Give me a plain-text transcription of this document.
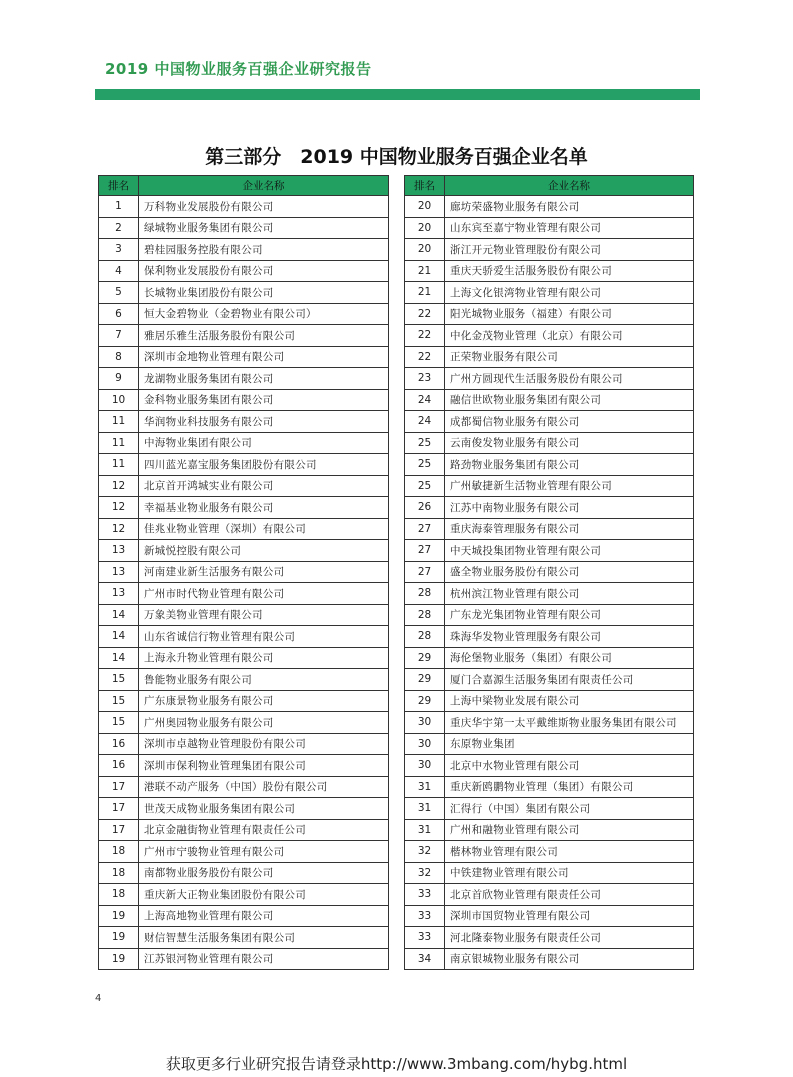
2019 中国物业服务百强企业研究报告
第三部分　2019 中国物业服务百强企业名单
排名	企业名称
1	万科物业发展股份有限公司
2	绿城物业服务集团有限公司
3	碧桂园服务控股有限公司
4	保利物业发展股份有限公司
5	长城物业集团股份有限公司
6	恒大金碧物业（金碧物业有限公司）
7	雅居乐雅生活服务股份有限公司
8	深圳市金地物业管理有限公司
9	龙湖物业服务集团有限公司
10	金科物业服务集团有限公司
11	华润物业科技服务有限公司
11	中海物业集团有限公司
11	四川蓝光嘉宝服务集团股份有限公司
12	北京首开鸿城实业有限公司
12	幸福基业物业服务有限公司
12	佳兆业物业管理（深圳）有限公司
13	新城悦控股有限公司
13	河南建业新生活服务有限公司
13	广州市时代物业管理有限公司
14	万象美物业管理有限公司
14	山东省诚信行物业管理有限公司
14	上海永升物业管理有限公司
15	鲁能物业服务有限公司
15	广东康景物业服务有限公司
15	广州奥园物业服务有限公司
16	深圳市卓越物业管理股份有限公司
16	深圳市保利物业管理集团有限公司
17	港联不动产服务（中国）股份有限公司
17	世茂天成物业服务集团有限公司
17	北京金融街物业管理有限责任公司
18	广州市宁骏物业管理有限公司
18	南都物业服务股份有限公司
18	重庆新大正物业集团股份有限公司
19	上海高地物业管理有限公司
19	财信智慧生活服务集团有限公司
19	江苏银河物业管理有限公司
排名	企业名称
20	廊坊荣盛物业服务有限公司
20	山东宾至嘉宁物业管理有限公司
20	浙江开元物业管理股份有限公司
21	重庆天骄爱生活服务股份有限公司
21	上海文化银湾物业管理有限公司
22	阳光城物业服务（福建）有限公司
22	中化金茂物业管理（北京）有限公司
22	正荣物业服务有限公司
23	广州方圆现代生活服务股份有限公司
24	融信世欧物业服务集团有限公司
24	成都蜀信物业服务有限公司
25	云南俊发物业服务有限公司
25	路劲物业服务集团有限公司
25	广州敏捷新生活物业管理有限公司
26	江苏中南物业服务有限公司
27	重庆海泰管理服务有限公司
27	中天城投集团物业管理有限公司
27	盛全物业服务股份有限公司
28	杭州滨江物业管理有限公司
28	广东龙光集团物业管理有限公司
28	珠海华发物业管理服务有限公司
29	海伦堡物业服务（集团）有限公司
29	厦门合嘉源生活服务集团有限责任公司
29	上海中梁物业发展有限公司
30	重庆华宇第一太平戴维斯物业服务集团有限公司
30	东原物业集团
30	北京中水物业管理有限公司
31	重庆新鸥鹏物业管理（集团）有限公司
31	汇得行（中国）集团有限公司
31	广州和融物业管理有限公司
32	楷林物业管理有限公司
32	中铁建物业管理有限公司
33	北京首欣物业管理有限责任公司
33	深圳市国贸物业管理有限公司
33	河北隆泰物业服务有限责任公司
34	南京银城物业服务有限公司
4
获取更多行业研究报告请登录http://www.3mbang.com/hybg.html
